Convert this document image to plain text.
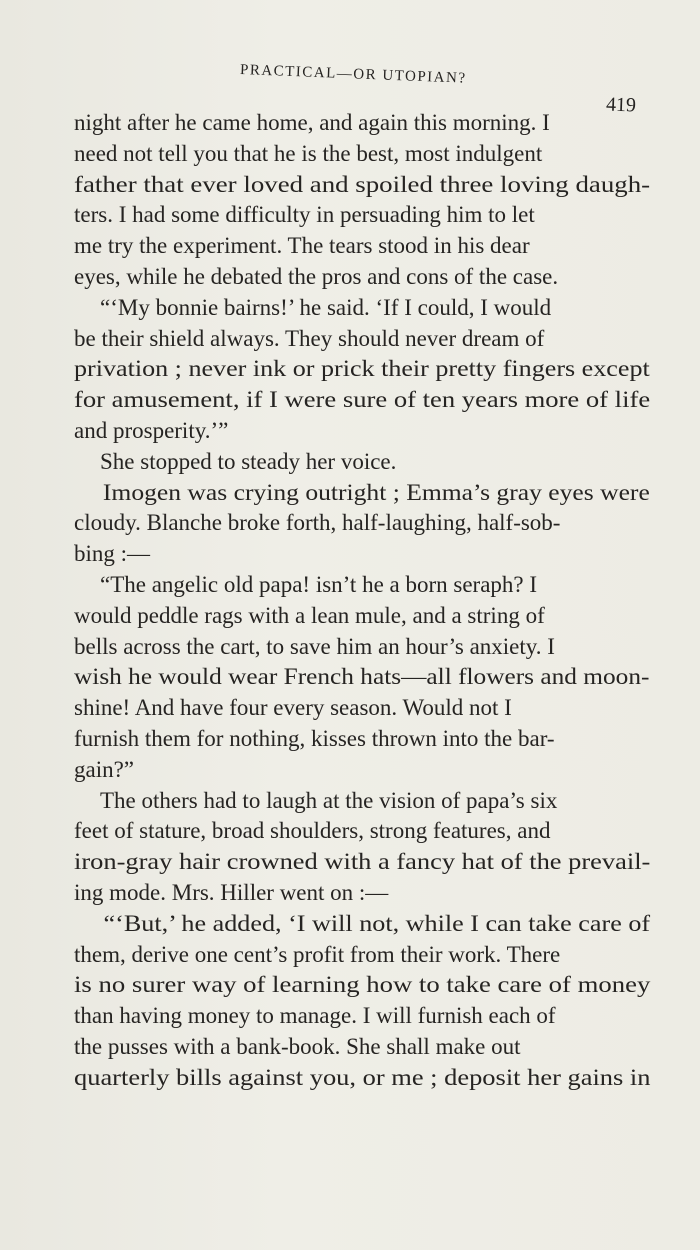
PRACTICAL—OR UTOPIAN?
419
night after he came home, and again this morning. I
need not tell you that he is the best, most indulgent
father that ever loved and spoiled three loving daugh-
ters. I had some difficulty in persuading him to let
me try the experiment. The tears stood in his dear
eyes, while he debated the pros and cons of the case.
“‘My bonnie bairns!’ he said. ‘If I could, I would
be their shield always. They should never dream of
privation ; never ink or prick their pretty fingers except
for amusement, if I were sure of ten years more of life
and prosperity.’”
She stopped to steady her voice.
Imogen was crying outright ; Emma’s gray eyes were
cloudy. Blanche broke forth, half-laughing, half-sob-
bing :—
“The angelic old papa! isn’t he a born seraph? I
would peddle rags with a lean mule, and a string of
bells across the cart, to save him an hour’s anxiety. I
wish he would wear French hats—all flowers and moon-
shine! And have four every season. Would not I
furnish them for nothing, kisses thrown into the bar-
gain?”
The others had to laugh at the vision of papa’s six
feet of stature, broad shoulders, strong features, and
iron-gray hair crowned with a fancy hat of the prevail-
ing mode. Mrs. Hiller went on :—
“‘But,’ he added, ‘I will not, while I can take care of
them, derive one cent’s profit from their work. There
is no surer way of learning how to take care of money
than having money to manage. I will furnish each of
the pusses with a bank-book. She shall make out
quarterly bills against you, or me ; deposit her gains in
